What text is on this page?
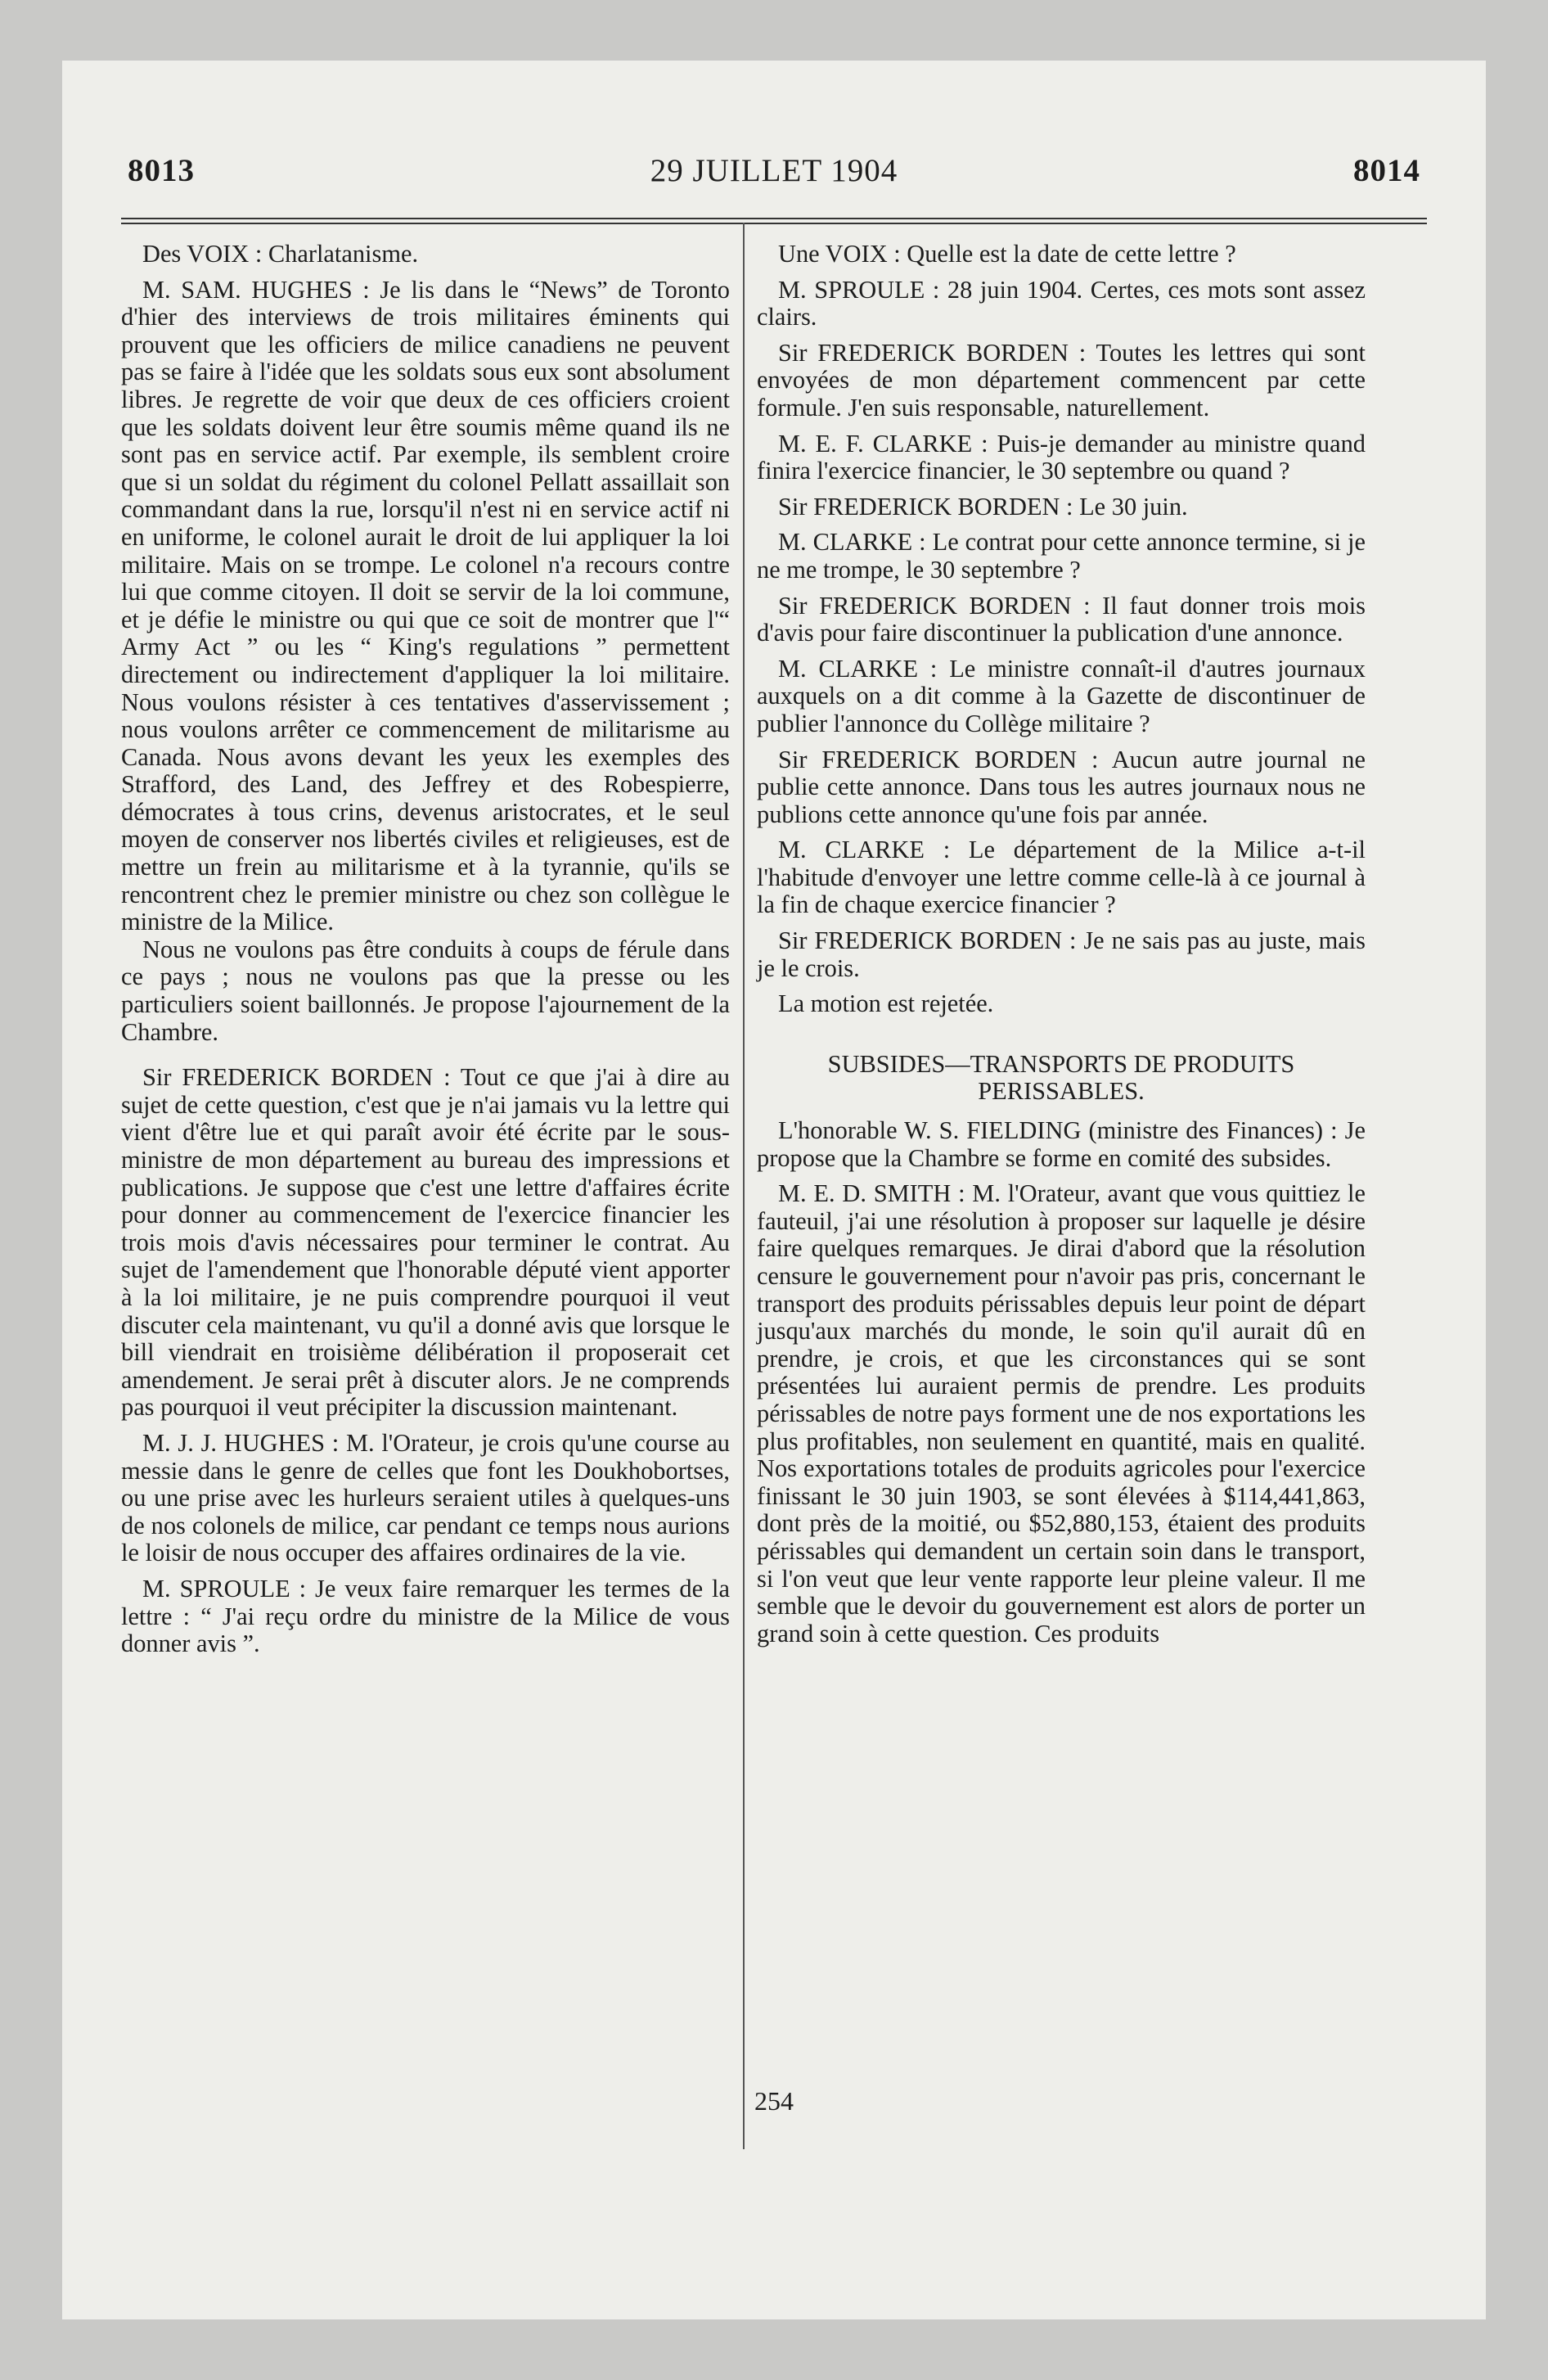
8013	29 JUILLET 1904	8014

Des VOIX : Charlatanisme.

M. SAM. HUGHES : Je lis dans le “News” de Toronto d'hier des interviews de trois militaires éminents qui prouvent que les officiers de milice canadiens ne peuvent pas se faire à l'idée que les soldats sous eux sont absolument libres. Je regrette de voir que deux de ces officiers croient que les soldats doivent leur être soumis même quand ils ne sont pas en service actif. Par exemple, ils semblent croire que si un soldat du régiment du colonel Pellatt assaillait son commandant dans la rue, lorsqu'il n'est ni en service actif ni en uniforme, le colonel aurait le droit de lui appliquer la loi militaire. Mais on se trompe. Le colonel n'a recours contre lui que comme citoyen. Il doit se servir de la loi commune, et je défie le ministre ou qui que ce soit de montrer que l'“ Army Act ” ou les “ King's regulations ” permettent directement ou indirectement d'appliquer la loi militaire. Nous voulons résister à ces tentatives d'asservissement ; nous voulons arrêter ce commencement de militarisme au Canada. Nous avons devant les yeux les exemples des Strafford, des Land, des Jeffrey et des Robespierre, démocrates à tous crins, devenus aristocrates, et le seul moyen de conserver nos libertés civiles et religieuses, est de mettre un frein au militarisme et à la tyrannie, qu'ils se rencontrent chez le premier ministre ou chez son collègue le ministre de la Milice.

Nous ne voulons pas être conduits à coups de férule dans ce pays ; nous ne voulons pas que la presse ou les particuliers soient baillonnés. Je propose l'ajournement de la Chambre.

Sir FREDERICK BORDEN : Tout ce que j'ai à dire au sujet de cette question, c'est que je n'ai jamais vu la lettre qui vient d'être lue et qui paraît avoir été écrite par le sous-ministre de mon département au bureau des impressions et publications. Je suppose que c'est une lettre d'affaires écrite pour donner au commencement de l'exercice financier les trois mois d'avis nécessaires pour terminer le contrat. Au sujet de l'amendement que l'honorable député vient apporter à la loi militaire, je ne puis comprendre pourquoi il veut discuter cela maintenant, vu qu'il a donné avis que lorsque le bill viendrait en troisième délibération il proposerait cet amendement. Je serai prêt à discuter alors. Je ne comprends pas pourquoi il veut précipiter la discussion maintenant.

M. J. J. HUGHES : M. l'Orateur, je crois qu'une course au messie dans le genre de celles que font les Doukhobortses, ou une prise avec les hurleurs seraient utiles à quelques-uns de nos colonels de milice, car pendant ce temps nous aurions le loisir de nous occuper des affaires ordinaires de la vie.

M. SPROULE : Je veux faire remarquer les termes de la lettre : “ J'ai reçu ordre du ministre de la Milice de vous donner avis ”.

Une VOIX : Quelle est la date de cette lettre ?

M. SPROULE : 28 juin 1904. Certes, ces mots sont assez clairs.

Sir FREDERICK BORDEN : Toutes les lettres qui sont envoyées de mon département commencent par cette formule. J'en suis responsable, naturellement.

M. E. F. CLARKE : Puis-je demander au ministre quand finira l'exercice financier, le 30 septembre ou quand ?

Sir FREDERICK BORDEN : Le 30 juin.

M. CLARKE : Le contrat pour cette annonce termine, si je ne me trompe, le 30 septembre ?

Sir FREDERICK BORDEN : Il faut donner trois mois d'avis pour faire discontinuer la publication d'une annonce.

M. CLARKE : Le ministre connaît-il d'autres journaux auxquels on a dit comme à la Gazette de discontinuer de publier l'annonce du Collège militaire ?

Sir FREDERICK BORDEN : Aucun autre journal ne publie cette annonce. Dans tous les autres journaux nous ne publions cette annonce qu'une fois par année.

M. CLARKE : Le département de la Milice a-t-il l'habitude d'envoyer une lettre comme celle-là à ce journal à la fin de chaque exercice financier ?

Sir FREDERICK BORDEN : Je ne sais pas au juste, mais je le crois.

La motion est rejetée.

SUBSIDES—TRANSPORTS DE PRODUITS PERISSABLES.

L'honorable W. S. FIELDING (ministre des Finances) : Je propose que la Chambre se forme en comité des subsides.

M. E. D. SMITH : M. l'Orateur, avant que vous quittiez le fauteuil, j'ai une résolution à proposer sur laquelle je désire faire quelques remarques. Je dirai d'abord que la résolution censure le gouvernement pour n'avoir pas pris, concernant le transport des produits périssables depuis leur point de départ jusqu'aux marchés du monde, le soin qu'il aurait dû en prendre, je crois, et que les circonstances qui se sont présentées lui auraient permis de prendre. Les produits périssables de notre pays forment une de nos exportations les plus profitables, non seulement en quantité, mais en qualité. Nos exportations totales de produits agricoles pour l'exercice finissant le 30 juin 1903, se sont élevées à $114,441,863, dont près de la moitié, ou $52,880,153, étaient des produits périssables qui demandent un certain soin dans le transport, si l'on veut que leur vente rapporte leur pleine valeur. Il me semble que le devoir du gouvernement est alors de porter un grand soin à cette question. Ces produits

254
